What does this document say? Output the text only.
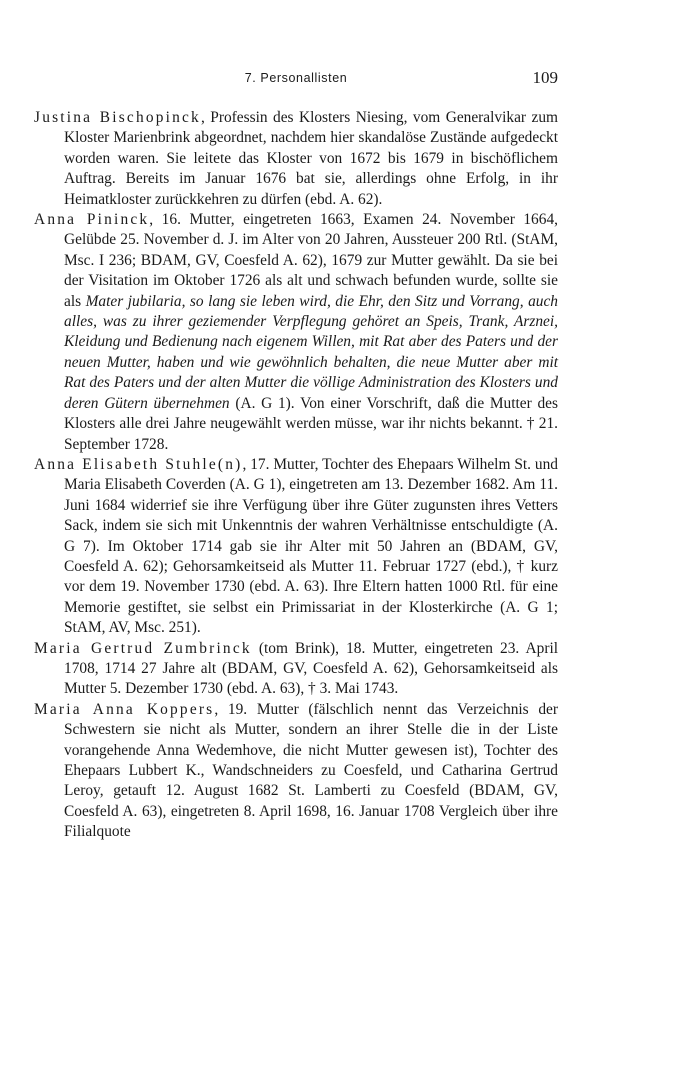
7. Personallisten	109

Justina Bischopinck, Professin des Klosters Niesing, vom Generalvikar zum Kloster Marienbrink abgeordnet, nachdem hier skandalöse Zustände aufgedeckt worden waren. Sie leitete das Kloster von 1672 bis 1679 in bischöflichem Auftrag. Bereits im Januar 1676 bat sie, allerdings ohne Erfolg, in ihr Heimatkloster zurückkehren zu dürfen (ebd. A. 62).

Anna Pininck, 16. Mutter, eingetreten 1663, Examen 24. November 1664, Gelübde 25. November d. J. im Alter von 20 Jahren, Aussteuer 200 Rtl. (StAM, Msc. I 236; BDAM, GV, Coesfeld A. 62), 1679 zur Mutter gewählt. Da sie bei der Visitation im Oktober 1726 als alt und schwach befunden wurde, sollte sie als Mater jubilaria, so lang sie leben wird, die Ehr, den Sitz und Vorrang, auch alles, was zu ihrer geziemender Verpflegung gehöret an Speis, Trank, Arznei, Kleidung und Bedienung nach eigenem Willen, mit Rat aber des Paters und der neuen Mutter, haben und wie gewöhnlich behalten, die neue Mutter aber mit Rat des Paters und der alten Mutter die völlige Administration des Klosters und deren Gütern übernehmen (A. G 1). Von einer Vorschrift, daß die Mutter des Klosters alle drei Jahre neugewählt werden müsse, war ihr nichts bekannt. † 21. September 1728.

Anna Elisabeth Stuhle(n), 17. Mutter, Tochter des Ehepaars Wilhelm St. und Maria Elisabeth Coverden (A. G 1), eingetreten am 13. Dezember 1682. Am 11. Juni 1684 widerrief sie ihre Verfügung über ihre Güter zugunsten ihres Vetters Sack, indem sie sich mit Unkenntnis der wahren Verhältnisse entschuldigte (A. G 7). Im Oktober 1714 gab sie ihr Alter mit 50 Jahren an (BDAM, GV, Coesfeld A. 62); Gehorsamkeitseid als Mutter 11. Februar 1727 (ebd.), † kurz vor dem 19. November 1730 (ebd. A. 63). Ihre Eltern hatten 1000 Rtl. für eine Memorie gestiftet, sie selbst ein Primissariat in der Klosterkirche (A. G 1; StAM, AV, Msc. 251).

Maria Gertrud Zumbrinck (tom Brink), 18. Mutter, eingetreten 23. April 1708, 1714 27 Jahre alt (BDAM, GV, Coesfeld A. 62), Gehorsamkeitseid als Mutter 5. Dezember 1730 (ebd. A. 63), † 3. Mai 1743.

Maria Anna Koppers, 19. Mutter (fälschlich nennt das Verzeichnis der Schwestern sie nicht als Mutter, sondern an ihrer Stelle die in der Liste vorangehende Anna Wedemhove, die nicht Mutter gewesen ist), Tochter des Ehepaars Lubbert K., Wandschneiders zu Coesfeld, und Catharina Gertrud Leroy, getauft 12. August 1682 St. Lamberti zu Coesfeld (BDAM, GV, Coesfeld A. 63), eingetreten 8. April 1698, 16. Januar 1708 Vergleich über ihre Filialquote
